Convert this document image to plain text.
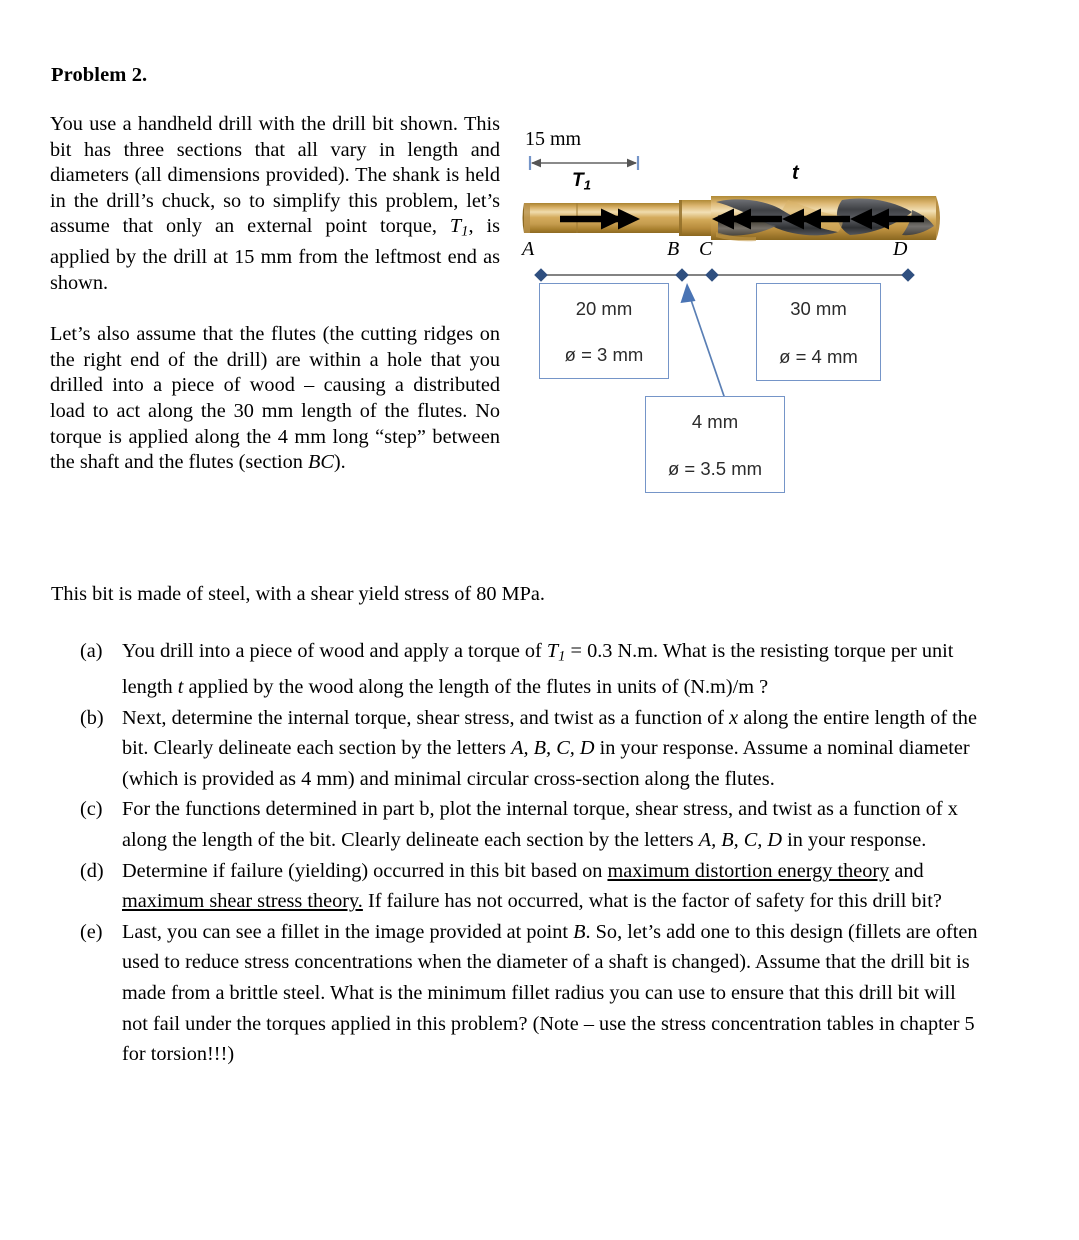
Problem 2.

You use a handheld drill with the drill bit shown. This bit has three sections that all vary in length and diameters (all dimensions provided). The shank is held in the drill’s chuck, so to simplify this problem, let’s assume that only an external point torque, $T_1$, is applied by the drill at 15 mm from the leftmost end as shown.

Let’s also assume that the flutes (the cutting ridges on the right end of the drill) are within a hole that you drilled into a piece of wood – causing a distributed load to act along the 30 mm length of the flutes. No torque is applied along the 4 mm long “step” between the shaft and the flutes (section BC).

This bit is made of steel, with a shear yield stress of 80 MPa.
(a) You drill into a piece of wood and apply a torque of $T_1 = 0.3$ N.m. What is the resisting torque per unit length t applied by the wood along the length of the flutes in units of (N.m)/m ?
(b) Next, determine the internal torque, shear stress, and twist as a function of x along the entire length of the bit. Clearly delineate each section by the letters A, B, C, D in your response. Assume a nominal diameter (which is provided as 4 mm) and minimal circular cross-section along the flutes.
(c) For the functions determined in part b, plot the internal torque, shear stress, and twist as a function of x along the length of the bit. Clearly delineate each section by the letters A, B, C, D in your response.
(d) Determine if failure (yielding) occurred in this bit based on maximum distortion energy theory and maximum shear stress theory. If failure has not occurred, what is the factor of safety for this drill bit?
(e) Last, you can see a fillet in the image provided at point B. So, let’s add one to this design (fillets are often used to reduce stress concentrations when the diameter of a shaft is changed). Assume that the drill bit is made from a brittle steel. What is the minimum fillet radius you can use to ensure that this drill bit will not fail under the torques applied in this problem? (Note – use the stress concentration tables in chapter 5 for torsion!!!)
15 mm
T1
t
A	B C	D
20 mm
ø = 3 mm
30 mm
ø = 4 mm
4 mm
ø = 3.5 mm
